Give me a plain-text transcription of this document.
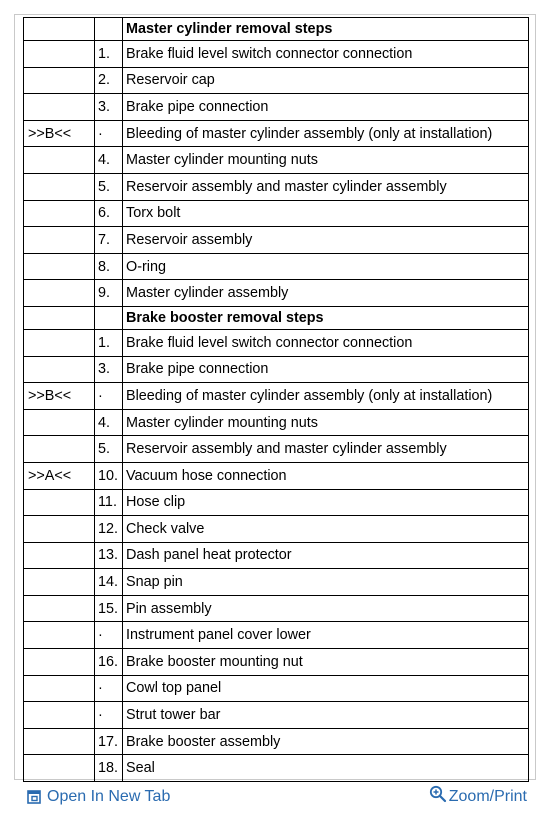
		Master cylinder removal steps
	1.	Brake fluid level switch connector connection
	2.	Reservoir cap
	3.	Brake pipe connection
>>B<<	·	Bleeding of master cylinder assembly (only at installation)
	4.	Master cylinder mounting nuts
	5.	Reservoir assembly and master cylinder assembly
	6.	Torx bolt
	7.	Reservoir assembly
	8.	O-ring
	9.	Master cylinder assembly
		Brake booster removal steps
	1.	Brake fluid level switch connector connection
	3.	Brake pipe connection
>>B<<	·	Bleeding of master cylinder assembly (only at installation)
	4.	Master cylinder mounting nuts
	5.	Reservoir assembly and master cylinder assembly
>>A<<	10.	Vacuum hose connection
	11.	Hose clip
	12.	Check valve
	13.	Dash panel heat protector
	14.	Snap pin
	15.	Pin assembly
	·	Instrument panel cover lower
	16.	Brake booster mounting nut
	·	Cowl top panel
	·	Strut tower bar
	17.	Brake booster assembly
	18.	Seal
Open In New Tab	Zoom/Print
